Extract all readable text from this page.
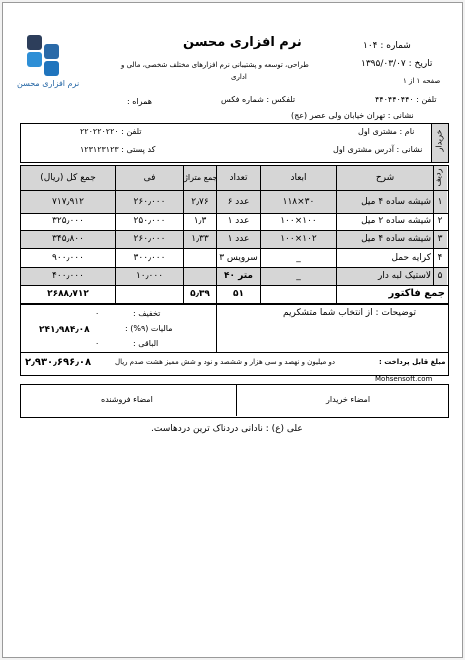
نرم افزاری محسن
طراحی، توسعه و پشتیبانی نرم افزارهای مختلف شخصی، مالی و
اداری
شماره : ۱۰۴
تاریخ : ۱۳۹۵/۰۳/۰۷
صفحه ۱ از ۱
نرم افزاری محسن
تلفن : ۴۴۰۴۴۰۴۴۰
تلفکس : شماره فکس
همراه :
نشانی : تهران خیابان ولی عصر (عج)
خریدار
نام : مشتری اول
تلفن : ۲۲۰۲۲۰۲۲۰
نشانی : آدرس مشتری اول
کد پستی : ۱۲۳۱۲۳۱۲۳
ردیف
شرح
ابعاد
تعداد
جمع متراژ
فی
جمع کل (ریال)
۱
شیشه ساده ۴ میل
۱۱۸×۳۰
۶ عدد
۲٫۷۶
۲۶۰٫۰۰۰
۷۱۷٫۹۱۲
۲
شیشه ساده ۲ میل
۱۰۰×۱۰۰
۱ عدد
۱٫۳
۲۵۰٫۰۰۰
۳۲۵٫۰۰۰
۳
شیشه ساده ۴ میل
۱۰۰×۱۰۲
۱ عدد
۱٫۳۳
۲۶۰٫۰۰۰
۳۴۵٫۸۰۰
۴
کرایه حمل
_
۳ سرویس
۳۰۰٫۰۰۰
۹۰۰٫۰۰۰
۵
لاستیک لبه دار
_
۴۰ متر
۱۰٫۰۰۰
۴۰۰٫۰۰۰
جمع فاکتور
۵۱
۵٫۳۹
۲۶۸۸٫۷۱۲
تخفیف :
۰
مالیات (۹%) :
۲۴۱٫۹۸۴٫۰۸
الباقی :
۰
توضیحات : از انتخاب شما متشکریم
مبلغ قابل پرداخت :
دو میلیون و نهصد و سی هزار و ششصد و نود و شش ممیز هشت صدم ریال
۲٫۹۳۰٫۶۹۶٫۰۸
Mohsensoft.com
امضاء خریدار
امضاء فروشنده
علی (ع) : نادانی دردناک ترین دردهاست.
